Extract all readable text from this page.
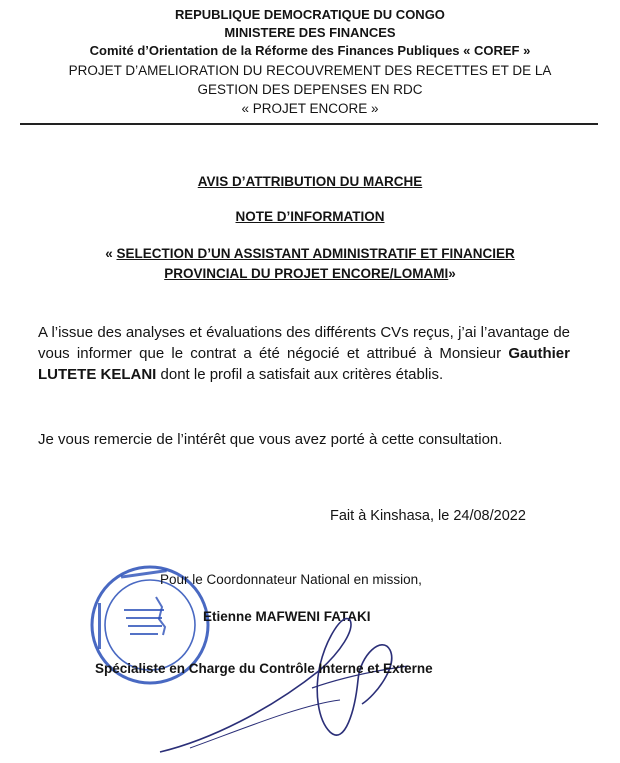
REPUBLIQUE DEMOCRATIQUE DU CONGO
MINISTERE DES FINANCES
Comité d’Orientation de la Réforme des Finances Publiques « COREF »
PROJET D’AMELIORATION DU RECOUVREMENT DES RECETTES ET DE LA
GESTION DES DEPENSES EN RDC
« PROJET ENCORE »
AVIS D’ATTRIBUTION DU MARCHE
NOTE D’INFORMATION
« SELECTION D’UN ASSISTANT ADMINISTRATIF ET FINANCIER
PROVINCIAL DU PROJET ENCORE/LOMAMI»
A l’issue des analyses et évaluations des différents CVs reçus, j’ai l’avantage de vous informer que le contrat a été négocié et attribué à Monsieur Gauthier LUTETE KELANI dont le profil a satisfait aux critères établis.
Je vous remercie de l’intérêt que vous avez porté à cette consultation.
Fait à Kinshasa, le 24/08/2022
Pour le Coordonnateur National en mission,
Etienne MAFWENI FATAKI
Spécialiste en Charge du Contrôle Interne et Externe
